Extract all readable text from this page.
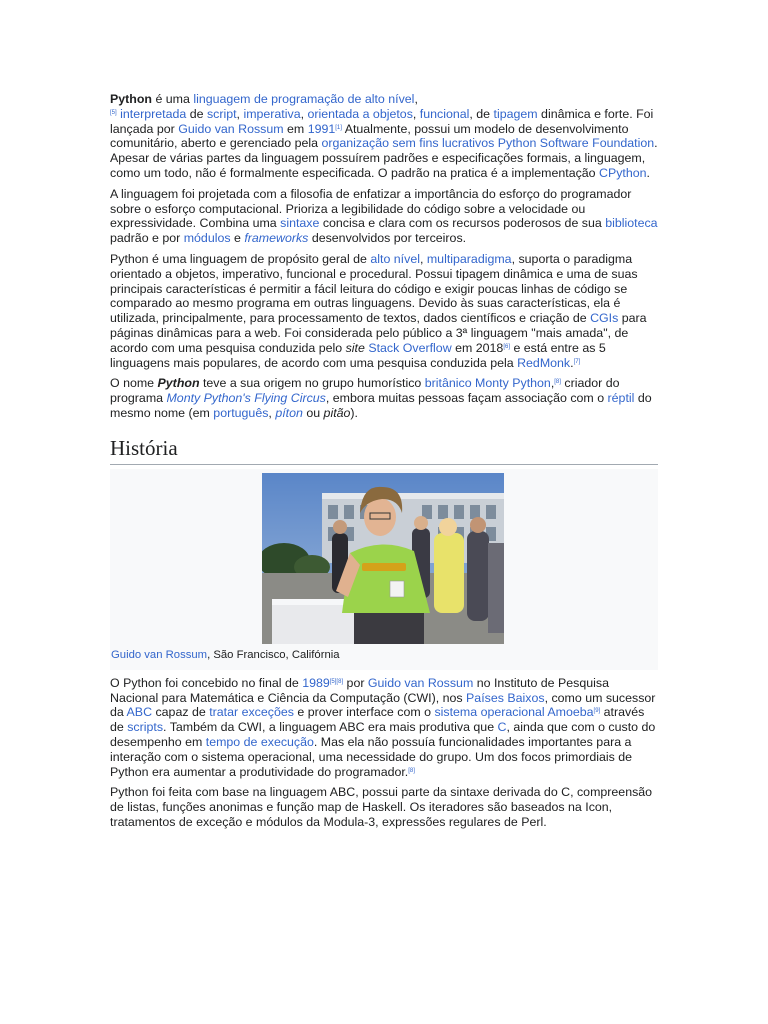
Python é uma linguagem de programação de alto nível,
[5] interpretada de script, imperativa, orientada a objetos, funcional, de tipagem dinâmica e forte. Foi lançada por Guido van Rossum em 1991[1] Atualmente, possui um modelo de desenvolvimento comunitário, aberto e gerenciado pela organização sem fins lucrativos Python Software Foundation. Apesar de várias partes da linguagem possuírem padrões e especificações formais, a linguagem, como um todo, não é formalmente especificada. O padrão na pratica é a implementação CPython.

A linguagem foi projetada com a filosofia de enfatizar a importância do esforço do programador sobre o esforço computacional. Prioriza a legibilidade do código sobre a velocidade ou expressividade. Combina uma sintaxe concisa e clara com os recursos poderosos de sua biblioteca padrão e por módulos e frameworks desenvolvidos por terceiros.

Python é uma linguagem de propósito geral de alto nível, multiparadigma, suporta o paradigma orientado a objetos, imperativo, funcional e procedural. Possui tipagem dinâmica e uma de suas principais características é permitir a fácil leitura do código e exigir poucas linhas de código se comparado ao mesmo programa em outras linguagens. Devido às suas características, ela é utilizada, principalmente, para processamento de textos, dados científicos e criação de CGIs para páginas dinâmicas para a web. Foi considerada pelo público a 3ª linguagem "mais amada", de acordo com uma pesquisa conduzida pelo site Stack Overflow em 2018[6] e está entre as 5 linguagens mais populares, de acordo com uma pesquisa conduzida pela RedMonk.[7]

O nome Python teve a sua origem no grupo humorístico britânico Monty Python,[8] criador do programa Monty Python's Flying Circus, embora muitas pessoas façam associação com o réptil do mesmo nome (em português, píton ou pitão).

História
Guido van Rossum, São Francisco, Califórnia

O Python foi concebido no final de 1989[5][8] por Guido van Rossum no Instituto de Pesquisa Nacional para Matemática e Ciência da Computação (CWI), nos Países Baixos, como um sucessor da ABC capaz de tratar exceções e prover interface com o sistema operacional Amoeba[9] através de scripts. Também da CWI, a linguagem ABC era mais produtiva que C, ainda que com o custo do desempenho em tempo de execução. Mas ela não possuía funcionalidades importantes para a interação com o sistema operacional, uma necessidade do grupo. Um dos focos primordiais de Python era aumentar a produtividade do programador.[8]

Python foi feita com base na linguagem ABC, possui parte da sintaxe derivada do C, compreensão de listas, funções anonimas e função map de Haskell. Os iteradores são baseados na Icon, tratamentos de exceção e módulos da Modula-3, expressões regulares de Perl.
